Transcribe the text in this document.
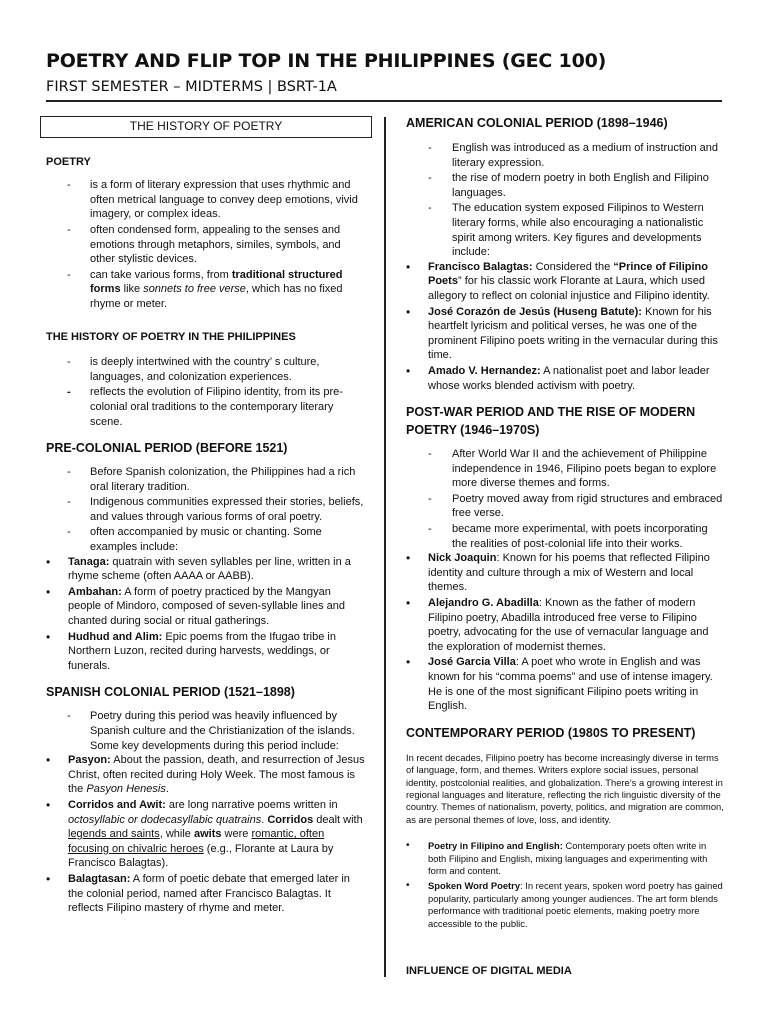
POETRY AND FLIP TOP IN THE PHILIPPINES (GEC 100)
FIRST SEMESTER – MIDTERMS | BSRT-1A
THE HISTORY OF POETRY
POETRY
- is a form of literary expression that uses rhythmic and often metrical language to convey deep emotions, vivid imagery, or complex ideas.
- often condensed form, appealing to the senses and emotions through metaphors, similes, symbols, and other stylistic devices.
- can take various forms, from traditional structured forms like sonnets to free verse, which has no fixed rhyme or meter.
THE HISTORY OF POETRY IN THE PHILIPPINES
- is deeply intertwined with the country’ s culture, languages, and colonization experiences.
- reflects the evolution of Filipino identity, from its pre-colonial oral traditions to the contemporary literary scene.
PRE-COLONIAL PERIOD (BEFORE 1521)
- Before Spanish colonization, the Philippines had a rich oral literary tradition.
- Indigenous communities expressed their stories, beliefs, and values through various forms of oral poetry.
- often accompanied by music or chanting. Some examples include:
• Tanaga: quatrain with seven syllables per line, written in a rhyme scheme (often AAAA or AABB).
• Ambahan: A form of poetry practiced by the Mangyan people of Mindoro, composed of seven-syllable lines and chanted during social or ritual gatherings.
• Hudhud and Alim: Epic poems from the Ifugao tribe in Northern Luzon, recited during harvests, weddings, or funerals.
SPANISH COLONIAL PERIOD (1521–1898)
- Poetry during this period was heavily influenced by Spanish culture and the Christianization of the islands. Some key developments during this period include:
• Pasyon: About the passion, death, and resurrection of Jesus Christ, often recited during Holy Week. The most famous is the Pasyon Henesis.
• Corridos and Awit: are long narrative poems written in octosyllabic or dodecasyllabic quatrains. Corridos dealt with legends and saints, while awits were romantic, often focusing on chivalric heroes (e.g., Florante at Laura by Francisco Balagtas).
• Balagtasan: A form of poetic debate that emerged later in the colonial period, named after Francisco Balagtas. It reflects Filipino mastery of rhyme and meter.
AMERICAN COLONIAL PERIOD (1898–1946)
- English was introduced as a medium of instruction and literary expression.
- the rise of modern poetry in both English and Filipino languages.
- The education system exposed Filipinos to Western literary forms, while also encouraging a nationalistic spirit among writers. Key figures and developments include:
• Francisco Balagtas: Considered the “Prince of Filipino Poets” for his classic work Florante at Laura, which used allegory to reflect on colonial injustice and Filipino identity.
• José Corazón de Jesús (Huseng Batute): Known for his heartfelt lyricism and political verses, he was one of the prominent Filipino poets writing in the vernacular during this time.
• Amado V. Hernandez: A nationalist poet and labor leader whose works blended activism with poetry.
POST-WAR PERIOD AND THE RISE OF MODERN POETRY (1946–1970S)
- After World War II and the achievement of Philippine independence in 1946, Filipino poets began to explore more diverse themes and forms.
- Poetry moved away from rigid structures and embraced free verse.
- became more experimental, with poets incorporating the realities of post-colonial life into their works.
• Nick Joaquin: Known for his poems that reflected Filipino identity and culture through a mix of Western and local themes.
• Alejandro G. Abadilla: Known as the father of modern Filipino poetry, Abadilla introduced free verse to Filipino poetry, advocating for the use of vernacular language and the exploration of modernist themes.
• José Garcia Villa: A poet who wrote in English and was known for his “comma poems” and use of intense imagery. He is one of the most significant Filipino poets writing in English.
CONTEMPORARY PERIOD (1980S TO PRESENT)

In recent decades, Filipino poetry has become increasingly diverse in terms of language, form, and themes. Writers explore social issues, personal identity, postcolonial realities, and globalization. There’s a growing interest in regional languages and literature, reflecting the rich linguistic diversity of the country. Themes of nationalism, poverty, politics, and migration are common, as are personal themes of love, loss, and identity.

• Poetry in Filipino and English: Contemporary poets often write in both Filipino and English, mixing languages and experimenting with form and content.
• Spoken Word Poetry: In recent years, spoken word poetry has gained popularity, particularly among younger audiences. The art form blends performance with traditional poetic elements, making poetry more accessible to the public.
INFLUENCE OF DIGITAL MEDIA
